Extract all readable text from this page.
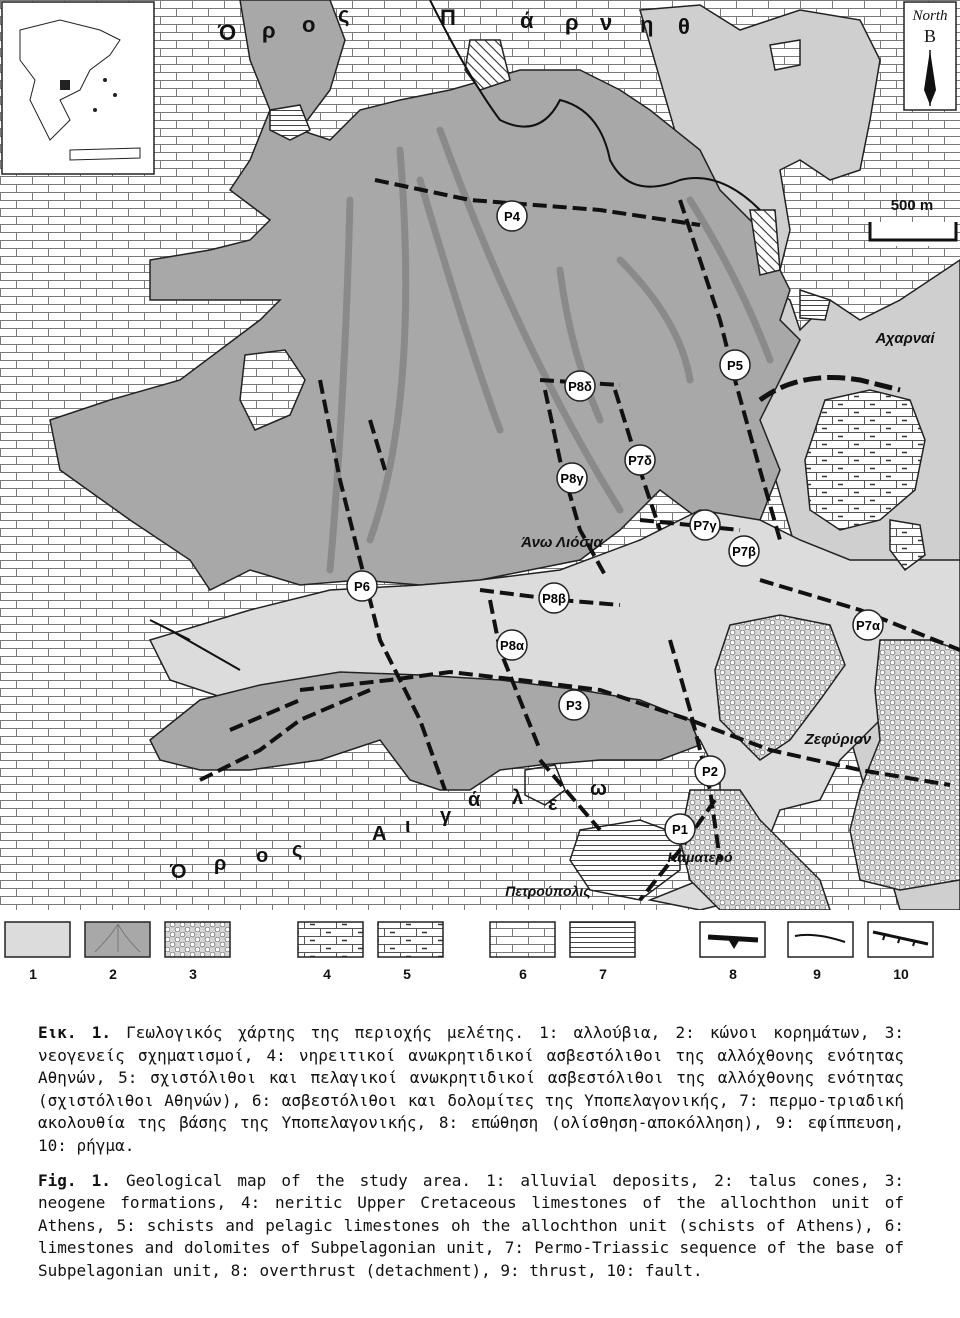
North
B
500 m
Ό ρ ο ς	Π	ά ρ ν η θ
Ό ρ ο ς
Α ι γ
ά λ ε
ω
Αχαρναί
Άνω Λιόσια
Ζεφύριον
Καματερό
Πετρούπολις
P4
P5
P8δ
P7δ
P8γ
P7γ
P7β
P6
P8β
P8α
P7α
P3
P2
P1
1	2	3	4	5	6	7	8	9	10

Εικ. 1. Γεωλογικός χάρτης της περιοχής μελέτης. 1: αλλούβια, 2: κώνοι κορημάτων, 3: νεογενείς σχηματισμοί, 4: νηρειτικοί ανωκρητιδικοί ασβεστόλιθοι της αλλόχθονης ενότητας Αθηνών, 5: σχιστόλιθοι και πελαγικοί ανωκρητιδικοί ασβεστόλιθοι της αλλόχθονης ενότητας (σχιστόλιθοι Αθηνών), 6: ασβεστόλιθοι και δολομίτες της Υποπελαγονικής, 7: περμο-τριαδική ακολουθία της βάσης της Υποπελαγονικής, 8: επώθηση (ολίσθηση-αποκόλληση), 9: εφίππευση, 10: ρήγμα.

Fig. 1. Geological map of the study area. 1: alluvial deposits, 2: talus cones, 3: neogene formations, 4: neritic Upper Cretaceous limestones of the allochthon unit of Athens, 5: schists and pelagic limestones oh the allochthon unit (schists of Athens), 6: limestones and dolomites of Subpelagonian unit, 7: Permo-Triassic sequence of the base of Subpelagonian unit, 8: overthrust (detachment), 9: thrust, 10: fault.
